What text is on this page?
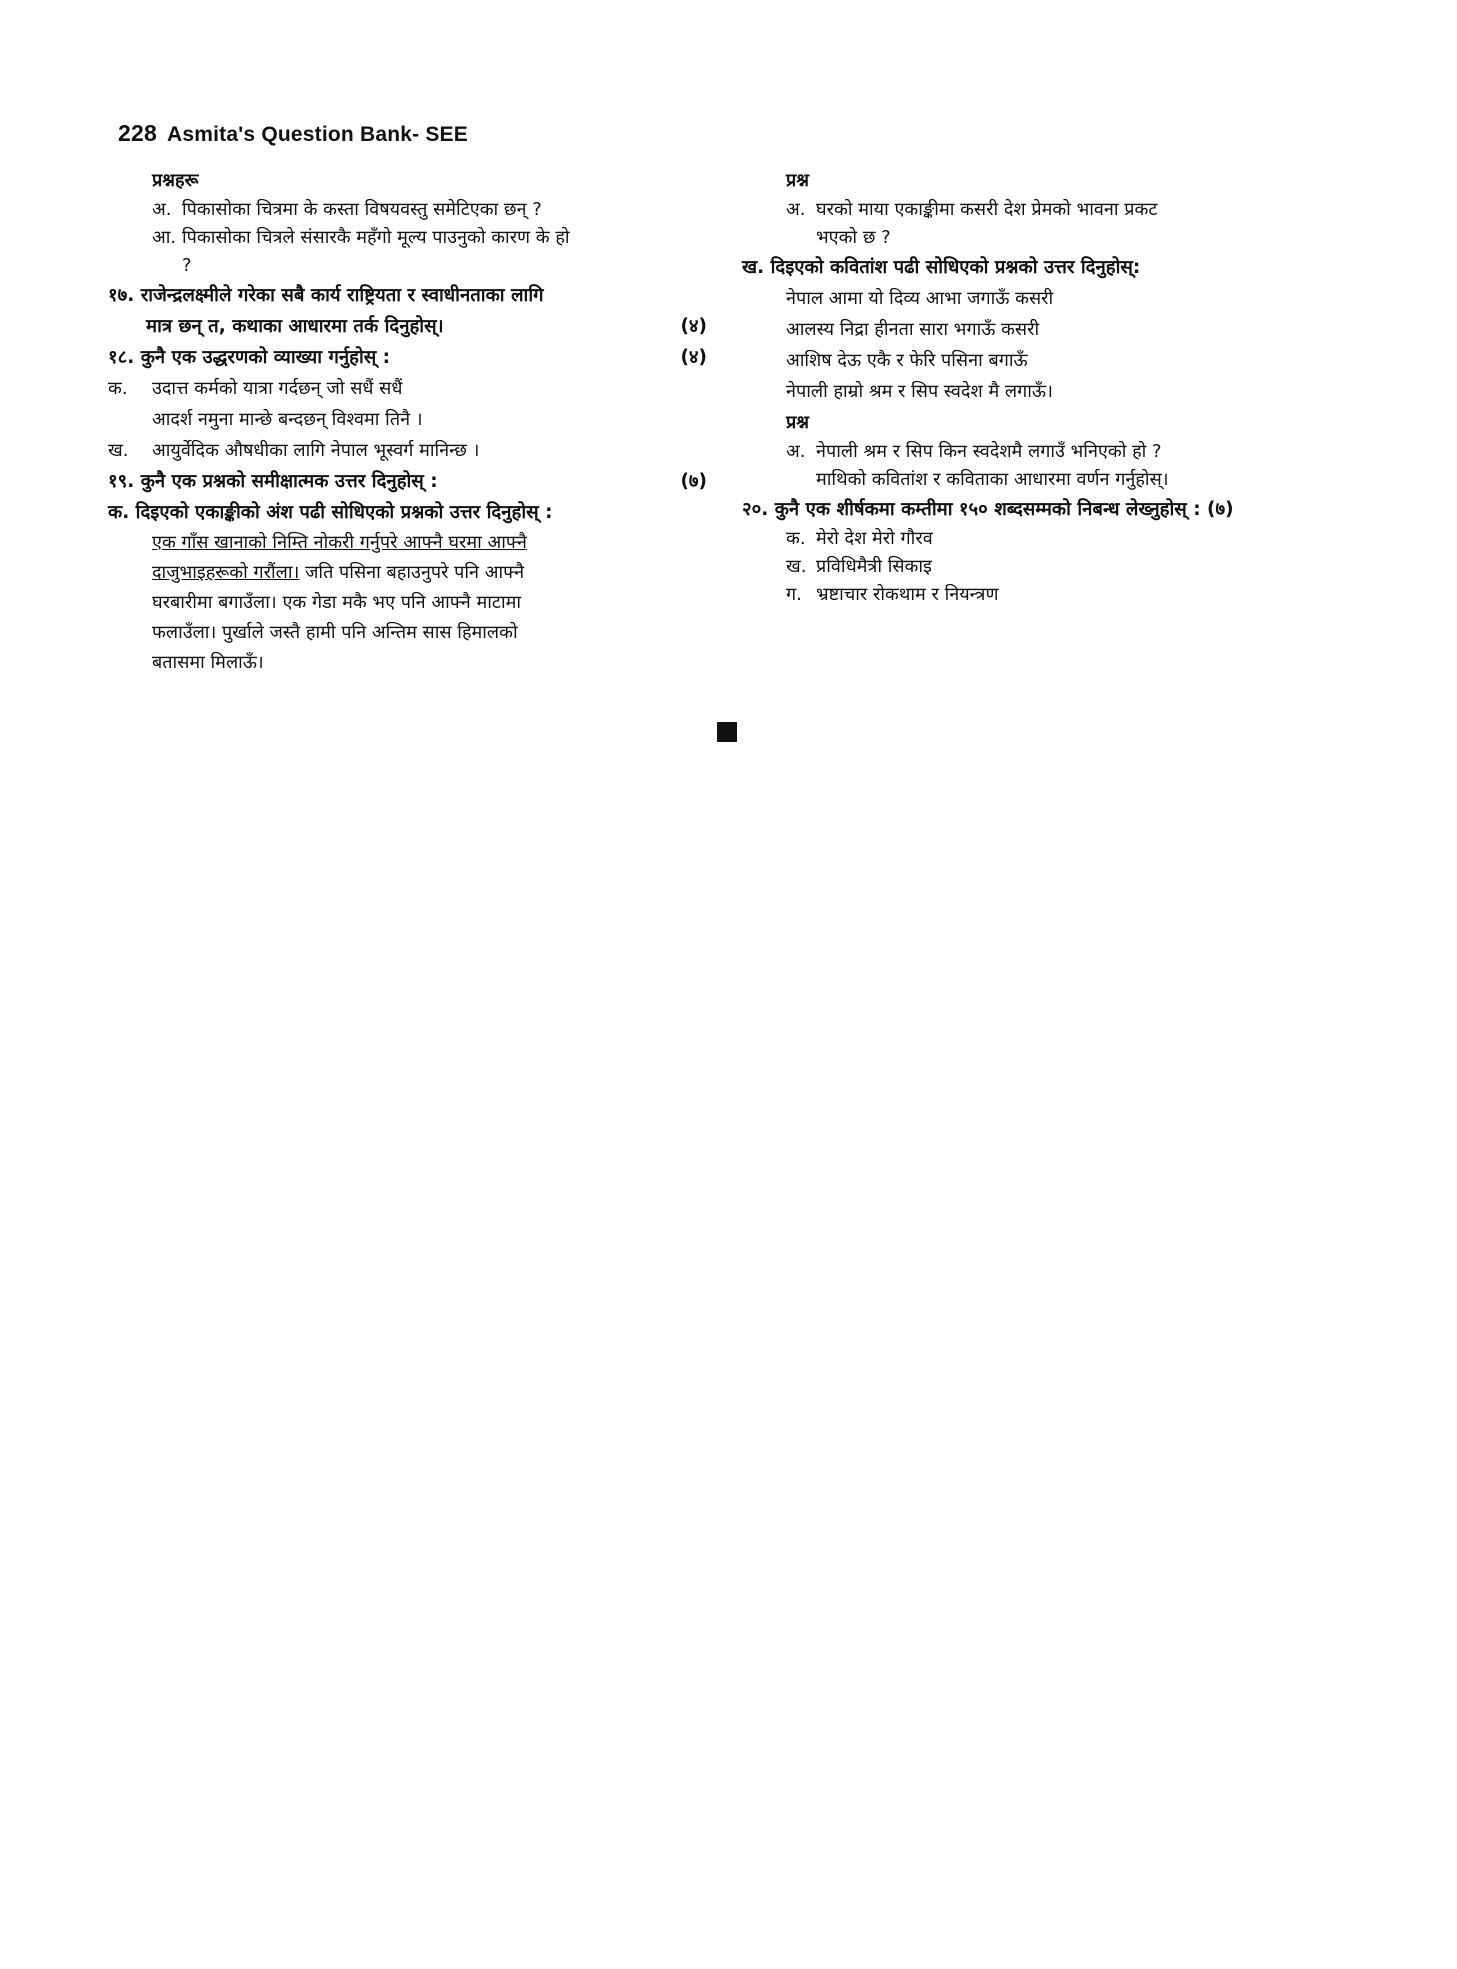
228 Asmita's Question Bank- SEE
प्रश्नहरू
अ. पिकासोका चित्रमा के कस्ता विषयवस्तु समेटिएका छन् ?
आ. पिकासोका चित्रले संसारकै महँगो मूल्य पाउनुको कारण के हो
?
१७. राजेन्द्रलक्ष्मीले गरेका सबै कार्य राष्ट्रियता र स्वाधीनताका लागि
मात्र छन् त, कथाका आधारमा तर्क दिनुहोस्।	(४)
१८. कुनै एक उद्धरणको व्याख्या गर्नुहोस् :	(४)
क.	उदात्त कर्मको यात्रा गर्दछन् जो सधैं सधैं
आदर्श नमुना मान्छे बन्दछन् विश्वमा तिनै ।
ख.	आयुर्वेदिक औषधीका लागि नेपाल भूस्वर्ग मानिन्छ ।
१९. कुनै एक प्रश्नको समीक्षात्मक उत्तर दिनुहोस् :	(७)
क. दिइएको एकाङ्कीको अंश पढी सोधिएको प्रश्नको उत्तर दिनुहोस् :
एक गाँस खानाको निम्ति नोकरी गर्नुपरे आफ्नै घरमा आफ्नै
दाजुभाइहरूको गरौंला। जति पसिना बहाउनुपरे पनि आफ्नै
घरबारीमा बगाउँला। एक गेडा मकै भए पनि आफ्नै माटामा
फलाउँला। पुर्खाले जस्तै हामी पनि अन्तिम सास हिमालको
बतासमा मिलाऊँ।
प्रश्न
अ. घरको माया एकाङ्कीमा कसरी देश प्रेमको भावना प्रकट
भएको छ ?
ख. दिइएको कवितांश पढी सोधिएको प्रश्नको उत्तर दिनुहोस्:
नेपाल आमा यो दिव्य आभा जगाऊँ कसरी
आलस्य निद्रा हीनता सारा भगाऊँ कसरी
आशिष देऊ एकै र फेरि पसिना बगाऊँ
नेपाली हाम्रो श्रम र सिप स्वदेश मै लगाऊँ।
प्रश्न
अ. नेपाली श्रम र सिप किन स्वदेशमै लगाउँ भनिएको हो ?
माथिको कवितांश र कविताका आधारमा वर्णन गर्नुहोस्।
२०. कुनै एक शीर्षकमा कम्तीमा १५० शब्दसम्मको निबन्ध लेख्नुहोस् : (७)
क. मेरो देश मेरो गौरव
ख. प्रविधिमैत्री सिकाइ
ग. भ्रष्टाचार रोकथाम र नियन्त्रण
